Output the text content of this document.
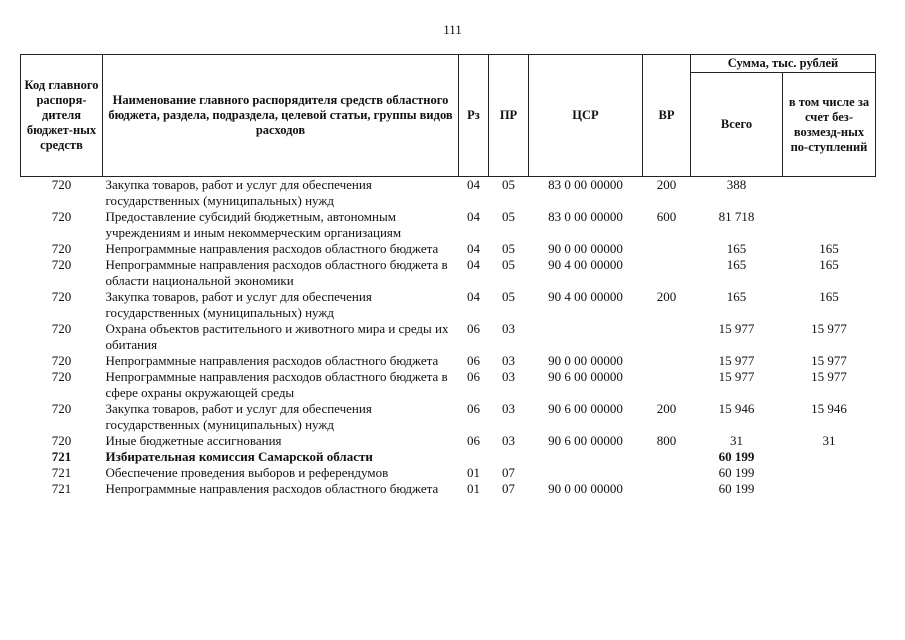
111
Код главного распоря-дителя бюджет-ных средств	Наименование главного распорядителя средств областного бюджета, раздела, подраздела, целевой статьи, группы видов расходов	Рз	ПР	ЦСР	ВР	Сумма, тыс. рублей	
						Всего	в том числе за счет без-возмезд-ных по-ступлений
720	Закупка товаров, работ и услуг для обеспечения государственных (муниципальных) нужд	04	05	83 0 00 00000	200	388	
720	Предоставление субсидий бюджетным, автономным учреждениям и иным некоммерческим организациям	04	05	83 0 00 00000	600	81 718	
720	Непрограммные направления расходов областного бюджета	04	05	90 0 00 00000		165	165
720	Непрограммные направления расходов областного бюджета в области национальной экономики	04	05	90 4 00 00000		165	165
720	Закупка товаров, работ и услуг для обеспечения государственных (муниципальных) нужд	04	05	90 4 00 00000	200	165	165
720	Охрана объектов растительного и животного мира и среды их обитания	06	03			15 977	15 977
720	Непрограммные направления расходов областного бюджета	06	03	90 0 00 00000		15 977	15 977
720	Непрограммные направления расходов областного бюджета в сфере охраны окружающей среды	06	03	90 6 00 00000		15 977	15 977
720	Закупка товаров, работ и услуг для обеспечения государственных (муниципальных) нужд	06	03	90 6 00 00000	200	15 946	15 946
720	Иные бюджетные ассигнования	06	03	90 6 00 00000	800	31	31
721	Избирательная комиссия Самарской области					60 199	
721	Обеспечение проведения выборов и референдумов	01	07			60 199	
721	Непрограммные направления расходов областного бюджета	01	07	90 0 00 00000		60 199	
